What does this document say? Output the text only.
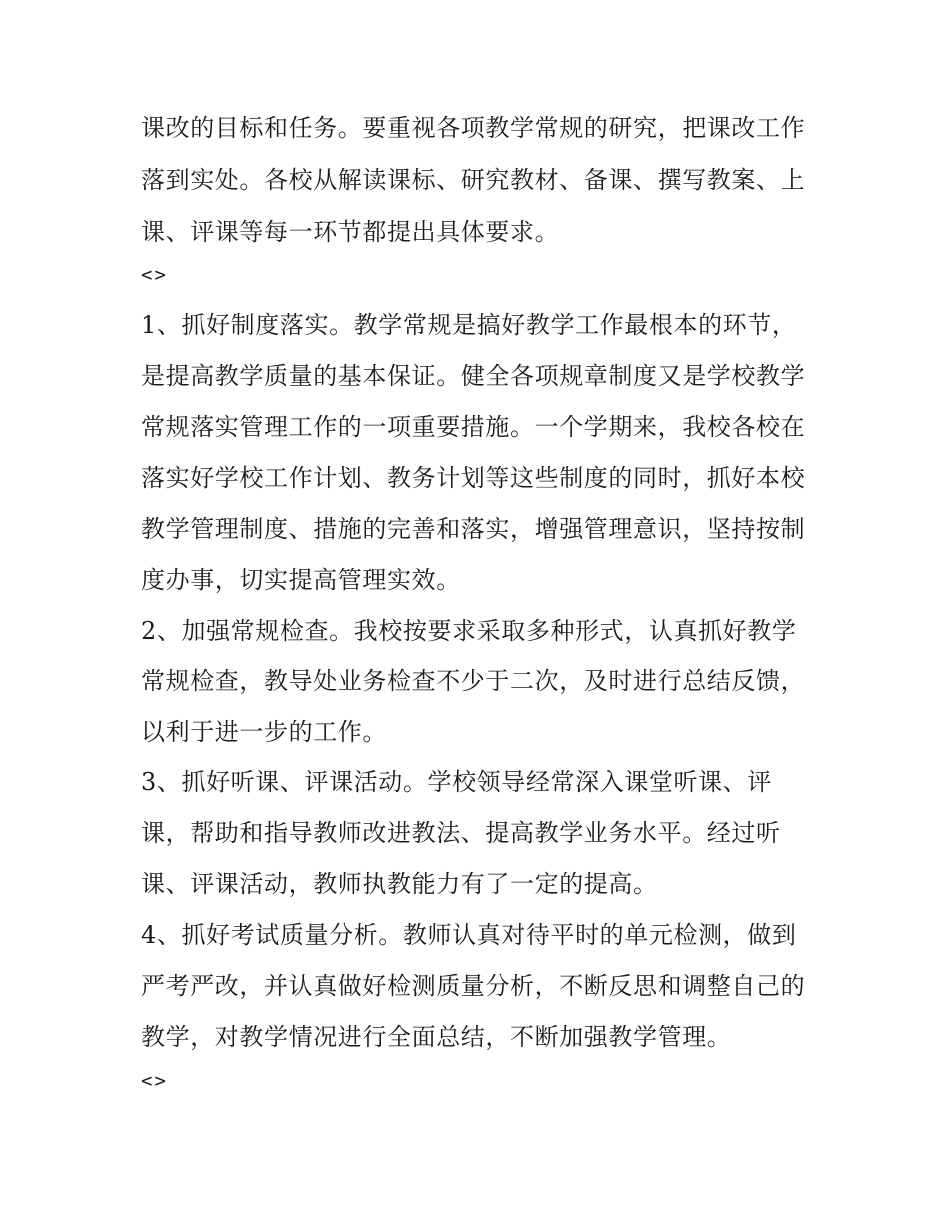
课改的目标和任务。要重视各项教学常规的研究，把课改工作
落到实处。各校从解读课标、研究教材、备课、撰写教案、上
课、评课等每一环节都提出具体要求。
<>
1、抓好制度落实。教学常规是搞好教学工作最根本的环节，
是提高教学质量的基本保证。健全各项规章制度又是学校教学
常规落实管理工作的一项重要措施。一个学期来，我校各校在
落实好学校工作计划、教务计划等这些制度的同时，抓好本校
教学管理制度、措施的完善和落实，增强管理意识，坚持按制
度办事，切实提高管理实效。
2、加强常规检查。我校按要求采取多种形式，认真抓好教学
常规检查，教导处业务检查不少于二次，及时进行总结反馈，
以利于进一步的工作。
3、抓好听课、评课活动。学校领导经常深入课堂听课、评
课，帮助和指导教师改进教法、提高教学业务水平。经过听
课、评课活动，教师执教能力有了一定的提高。
4、抓好考试质量分析。教师认真对待平时的单元检测，做到
严考严改，并认真做好检测质量分析，不断反思和调整自己的
教学，对教学情况进行全面总结，不断加强教学管理。
<>
